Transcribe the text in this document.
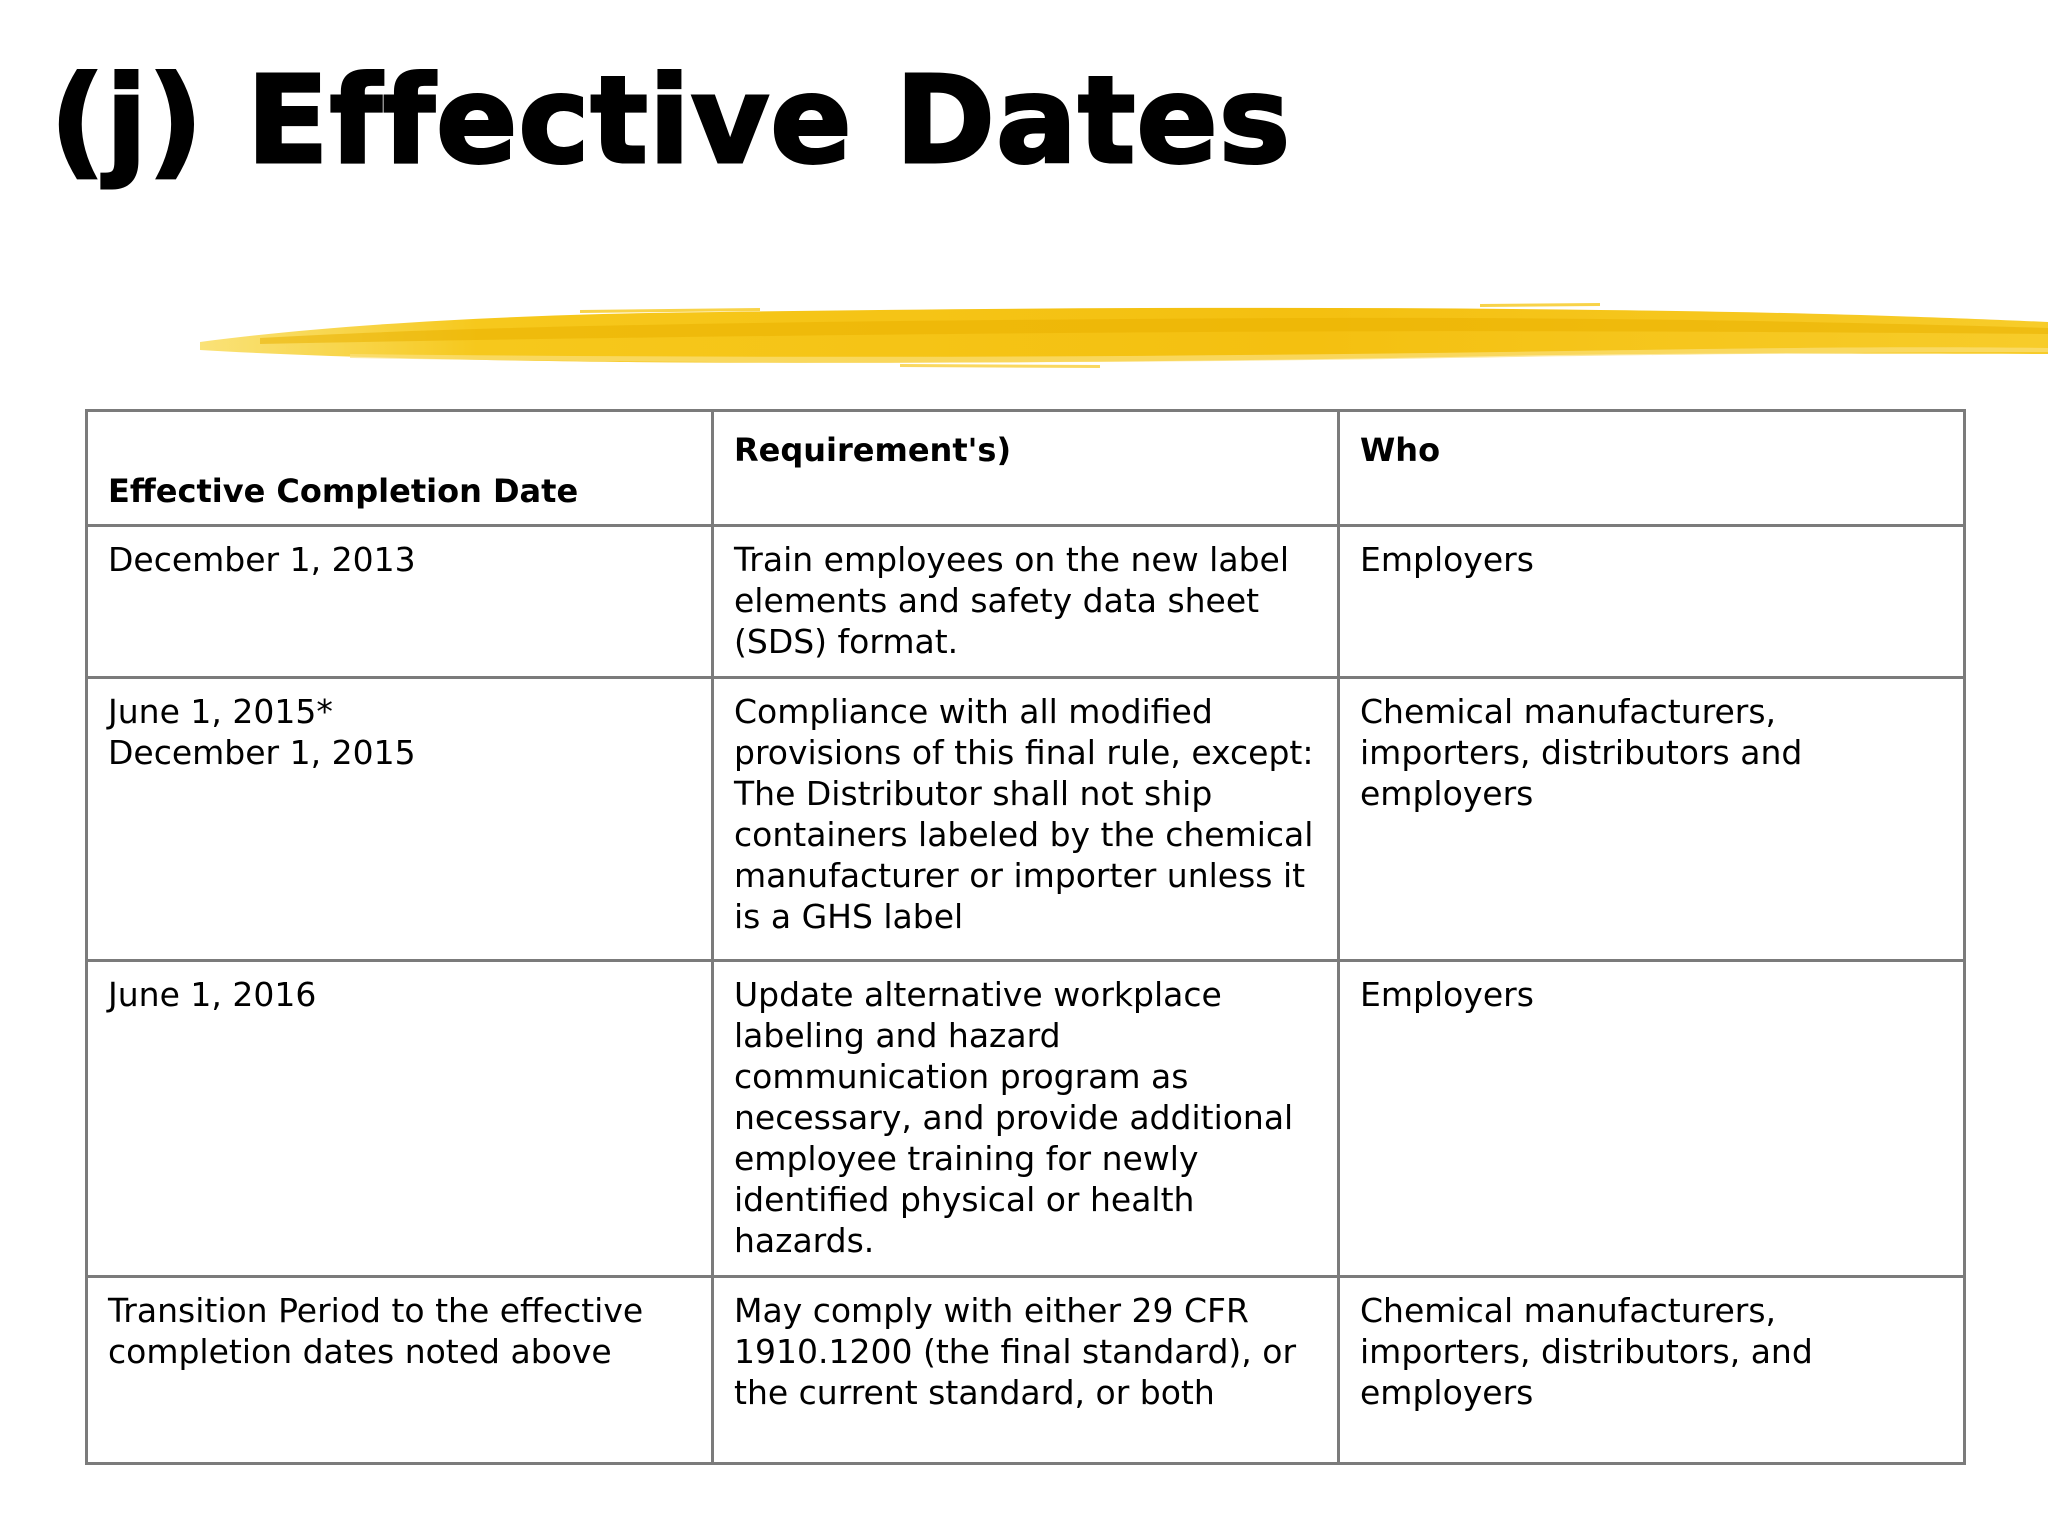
(j) Effective Dates
Effective Completion Date	Requirement's)	Who

December 1, 2013	Train employees on the new label elements and safety data sheet (SDS) format.	Employers

June 1, 2015*
December 1, 2015	Compliance with all modified provisions of this final rule, except: The Distributor shall not ship containers labeled by the chemical manufacturer or importer unless it is a GHS label	Chemical manufacturers, importers, distributors and employers

June 1, 2016	Update alternative workplace labeling and hazard communication program as necessary, and provide additional employee training for newly identified physical or health hazards.	Employers

Transition Period to the effective completion dates noted above	May comply with either 29 CFR 1910.1200 (the final standard), or the current standard, or both	Chemical manufacturers, importers, distributors, and employers
